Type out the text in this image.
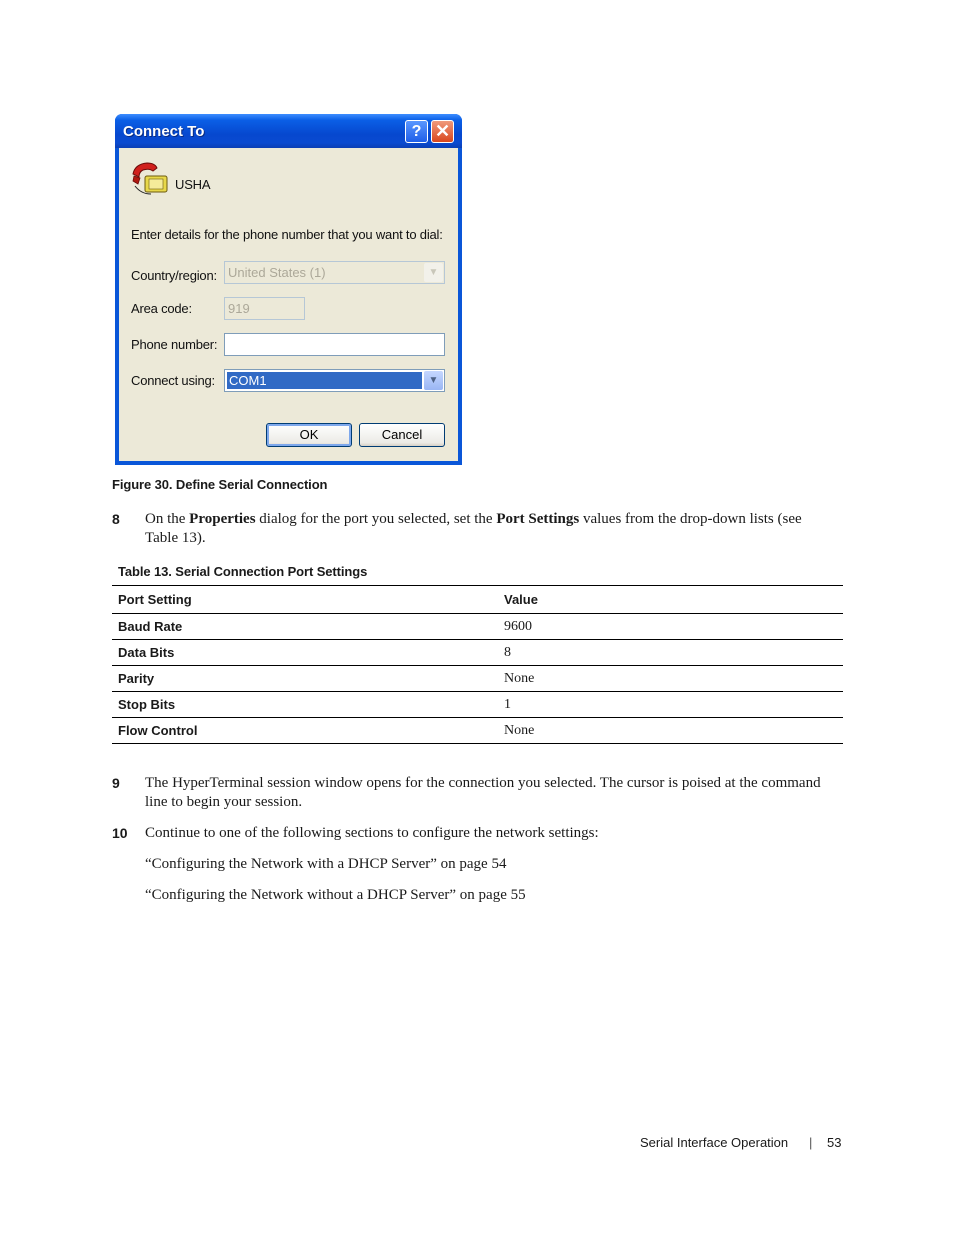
Connect To	? ✕
USHA
Enter details for the phone number that you want to dial:
Country/region: United States (1)	▼
Area code:	919
Phone number:
Connect using: COM1	▼
OK	Cancel
Figure 30. Define Serial Connection
8 On the Properties dialog for the port you selected, set the Port Settings values from the drop-down lists (see Table 13).
Table 13. Serial Connection Port Settings
Port Setting	Value
Baud Rate	9600
Data Bits	8
Parity	None
Stop Bits	1
Flow Control	None
9 The HyperTerminal session window opens for the connection you selected. The cursor is poised at the command line to begin your session.
10 Continue to one of the following sections to configure the network settings:
“Configuring the Network with a DHCP Server” on page 54
“Configuring the Network without a DHCP Server” on page 55
Serial Interface Operation | 53
